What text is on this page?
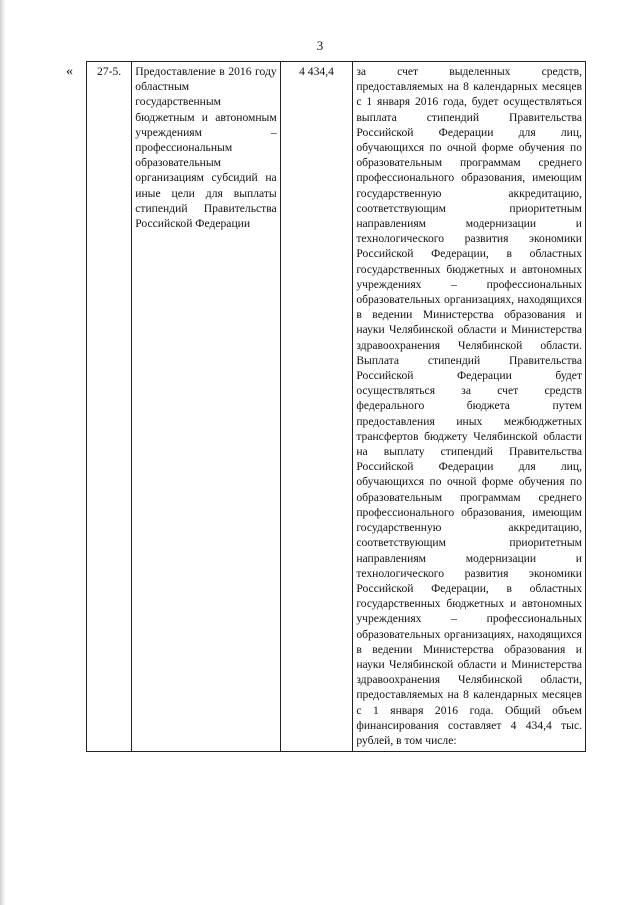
3
« 27-5.	Предоставление в 2016 году областным государственным бюджетным и автономным учреждениям – профессиональным образовательным организациям субсидий на иные цели для выплаты стипендий Правительства Российской Федерации	4 434,4	за счет выделенных средств, предоставляемых на 8 календарных месяцев с 1 января 2016 года, будет осуществляться выплата стипендий Правительства Российской Федерации для лиц, обучающихся по очной форме обучения по образовательным программам среднего профессионального образования, имеющим государственную аккредитацию, соответствующим приоритетным направлениям модернизации и технологического развития экономики Российской Федерации, в областных государственных бюджетных и автономных учреждениях – профессиональных образовательных организациях, находящихся в ведении Министерства образования и науки Челябинской области и Министерства здравоохранения Челябинской области. Выплата стипендий Правительства Российской Федерации будет осуществляться за счет средств федерального бюджета путем предоставления иных межбюджетных трансфертов бюджету Челябинской области на выплату стипендий Правительства Российской Федерации для лиц, обучающихся по очной форме обучения по образовательным программам среднего профессионального образования, имеющим государственную аккредитацию, соответствующим приоритетным направлениям модернизации и технологического развития экономики Российской Федерации, в областных государственных бюджетных и автономных учреждениях – профессиональных образовательных организациях, находящихся в ведении Министерства образования и науки Челябинской области и Министерства здравоохранения Челябинской области, предоставляемых на 8 календарных месяцев с 1 января 2016 года. Общий объем финансирования составляет 4 434,4 тыс. рублей, в том числе:
